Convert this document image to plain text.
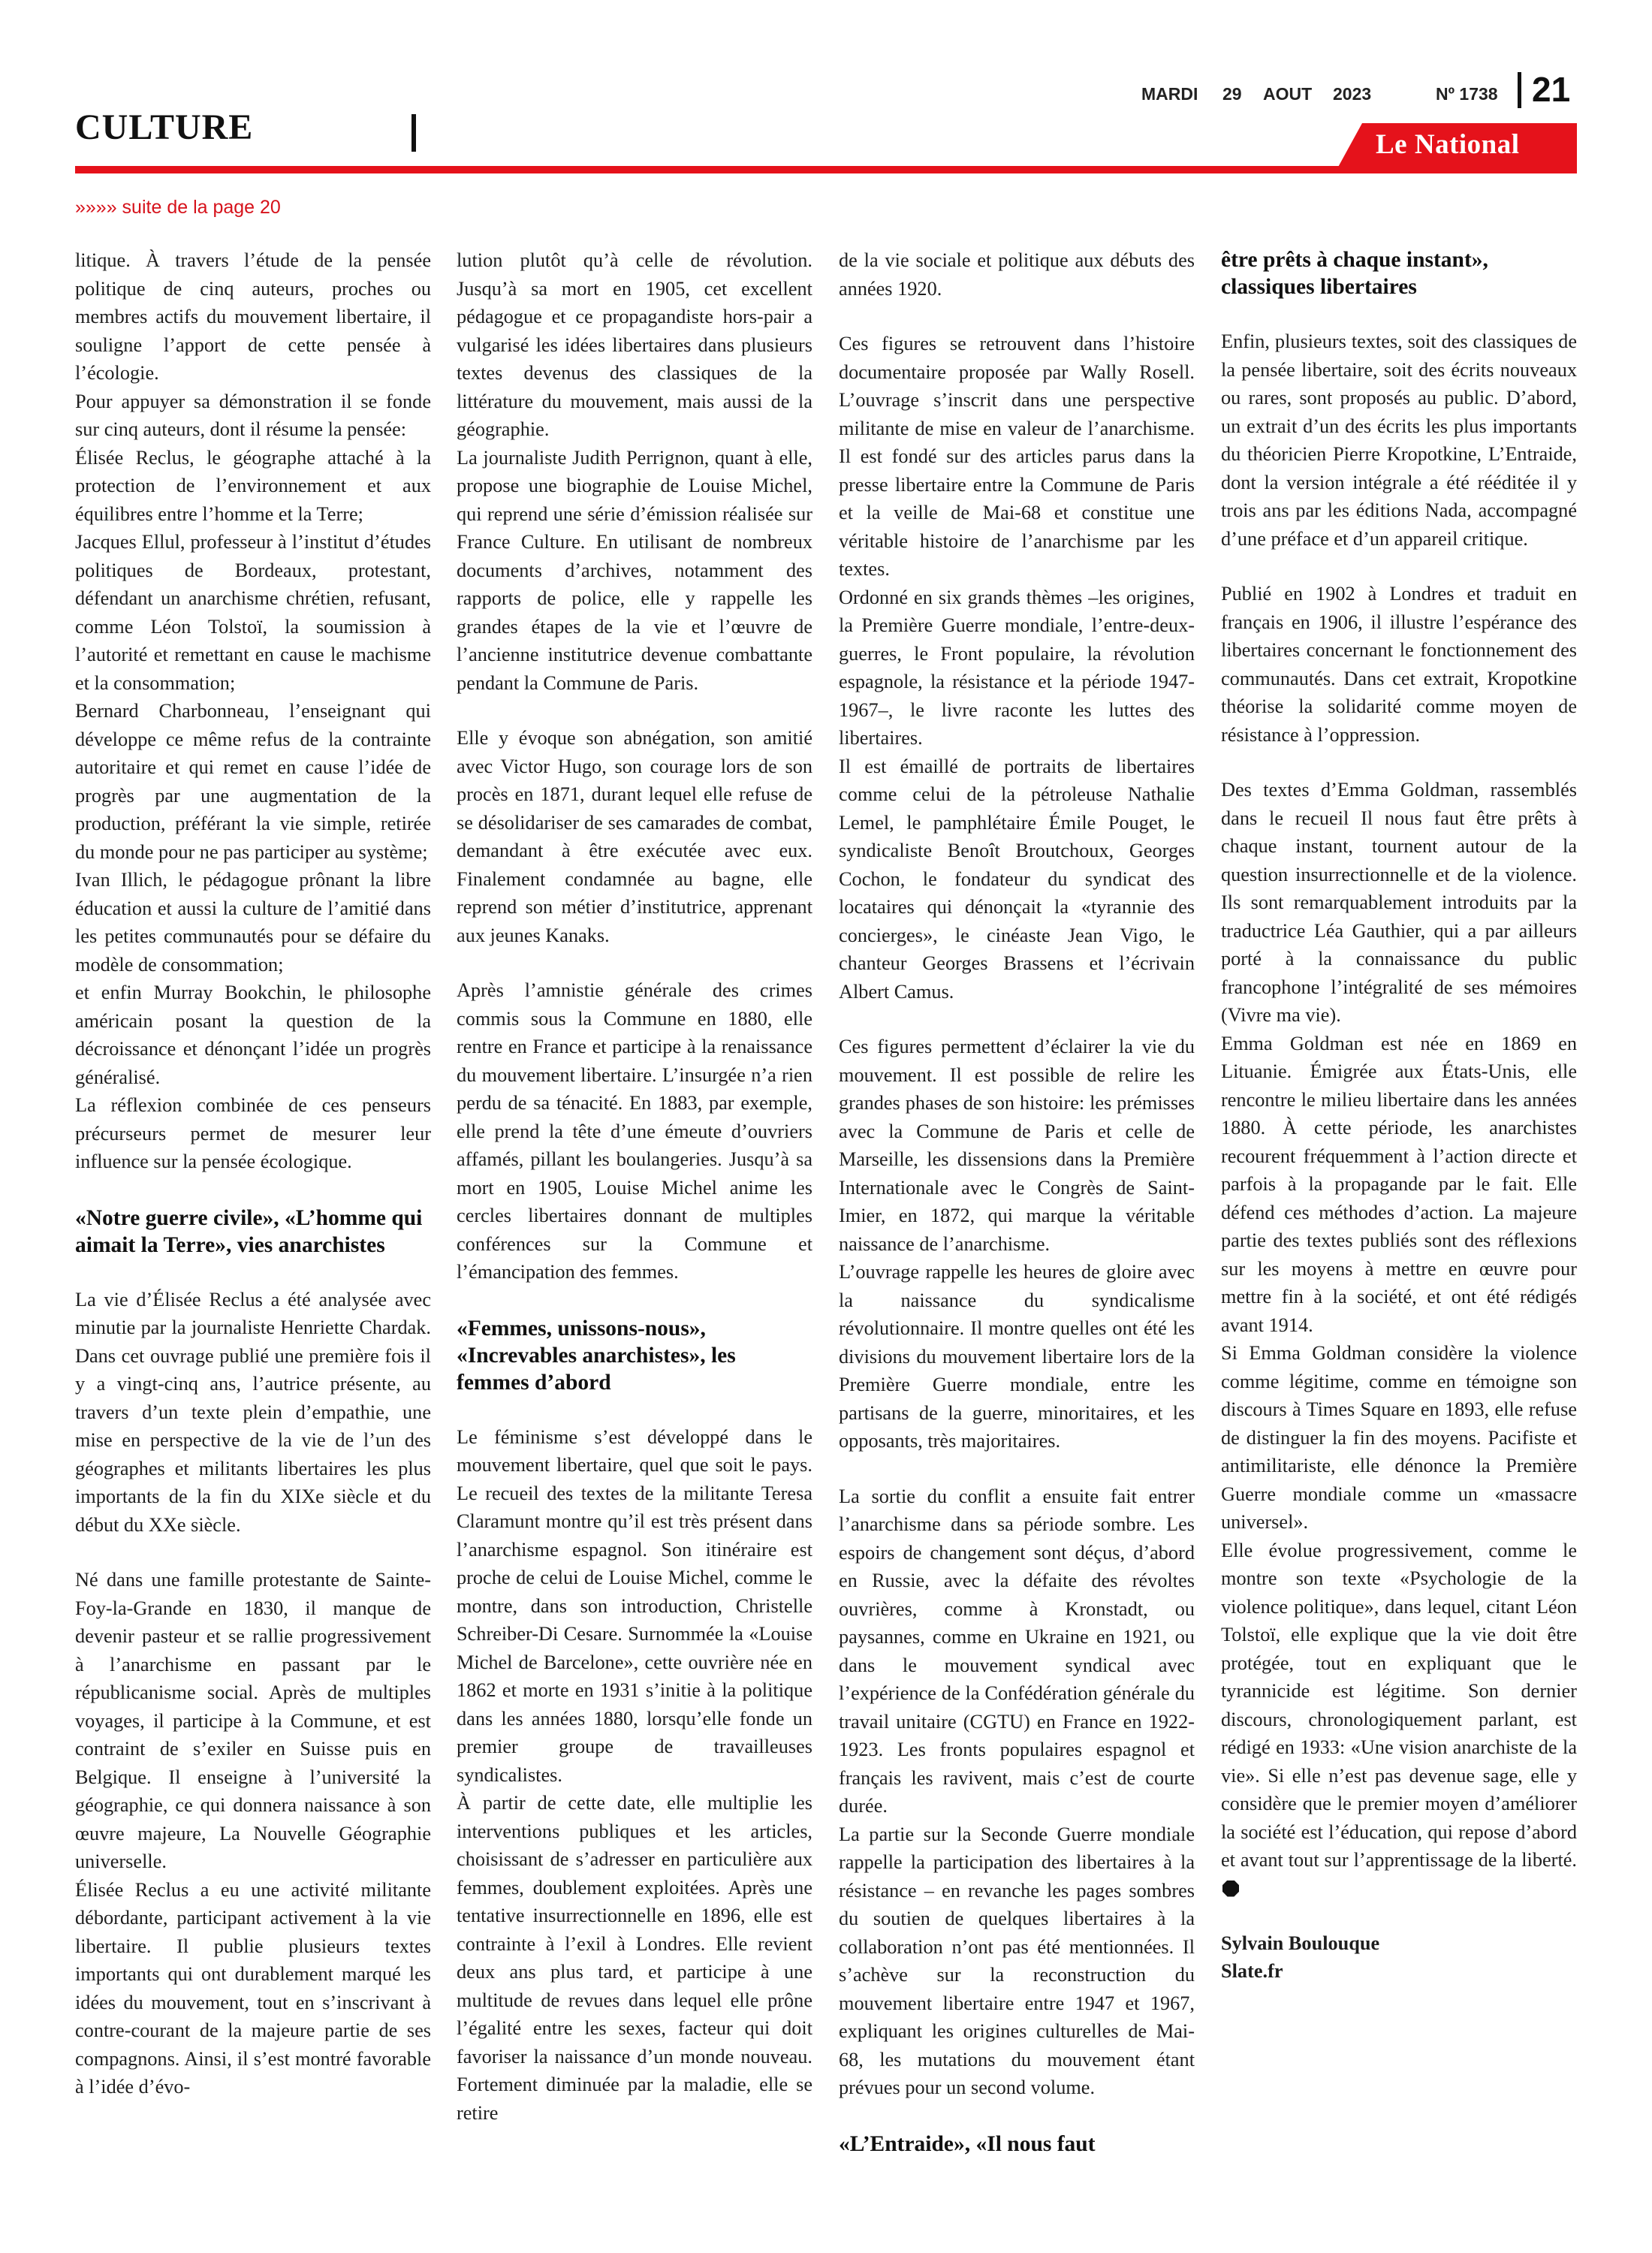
CULTURE
MARDI 29 AOUT 2023	Nº 1738 21
Le National
»»»» suite de la page 20

litique. À travers l’étude de la pensée politique de cinq auteurs, proches ou membres actifs du mouvement libertaire, il souligne l’apport de cette pensée à l’écologie.

Pour appuyer sa démonstration il se fonde sur cinq auteurs, dont il résume la pensée:

Élisée Reclus, le géographe attaché à la protection de l’environnement et aux équilibres entre l’homme et la Terre;

Jacques Ellul, professeur à l’institut d’études politiques de Bordeaux, protestant, défendant un anarchisme chrétien, refusant, comme Léon Tolstoï, la soumission à l’autorité et remettant en cause le machisme et la consommation;

Bernard Charbonneau, l’enseignant qui développe ce même refus de la contrainte autoritaire et qui remet en cause l’idée de progrès par une augmentation de la production, préférant la vie simple, retirée du monde pour ne pas participer au système;

Ivan Illich, le pédagogue prônant la libre éducation et aussi la culture de l’amitié dans les petites communautés pour se défaire du modèle de consommation;

et enfin Murray Bookchin, le philosophe américain posant la question de la décroissance et dénonçant l’idée un progrès généralisé.

La réflexion combinée de ces penseurs précurseurs permet de mesurer leur influence sur la pensée écologique.

«Notre guerre civile», «L’homme qui aimait la Terre», vies anarchistes

La vie d’Élisée Reclus a été analysée avec minutie par la journaliste Henriette Chardak. Dans cet ouvrage publié une première fois il y a vingt-cinq ans, l’autrice présente, au travers d’un texte plein d’empathie, une mise en perspective de la vie de l’un des géographes et militants libertaires les plus importants de la fin du XIXe siècle et du début du XXe siècle.

Né dans une famille protestante de Sainte-Foy-la-Grande en 1830, il manque de devenir pasteur et se rallie progressivement à l’anarchisme en passant par le républicanisme social. Après de multiples voyages, il participe à la Commune, et est contraint de s’exiler en Suisse puis en Belgique. Il enseigne à l’université la géographie, ce qui donnera naissance à son œuvre majeure, La Nouvelle Géographie universelle.

Élisée Reclus a eu une activité militante débordante, participant activement à la vie libertaire. Il publie plusieurs textes importants qui ont durablement marqué les idées du mouvement, tout en s’inscrivant à contre-courant de la majeure partie de ses compagnons. Ainsi, il s’est montré favorable à l’idée d’évo-

lution plutôt qu’à celle de révolution. Jusqu’à sa mort en 1905, cet excellent pédagogue et ce propagandiste hors-pair a vulgarisé les idées libertaires dans plusieurs textes devenus des classiques de la littérature du mouvement, mais aussi de la géographie.

La journaliste Judith Perrignon, quant à elle, propose une biographie de Louise Michel, qui reprend une série d’émission réalisée sur France Culture. En utilisant de nombreux documents d’archives, notamment des rapports de police, elle y rappelle les grandes étapes de la vie et l’œuvre de l’ancienne institutrice devenue combattante pendant la Commune de Paris.

Elle y évoque son abnégation, son amitié avec Victor Hugo, son courage lors de son procès en 1871, durant lequel elle refuse de se désolidariser de ses camarades de combat, demandant à être exécutée avec eux. Finalement condamnée au bagne, elle reprend son métier d’institutrice, apprenant aux jeunes Kanaks.

Après l’amnistie générale des crimes commis sous la Commune en 1880, elle rentre en France et participe à la renaissance du mouvement libertaire. L’insurgée n’a rien perdu de sa ténacité. En 1883, par exemple, elle prend la tête d’une émeute d’ouvriers affamés, pillant les boulangeries. Jusqu’à sa mort en 1905, Louise Michel anime les cercles libertaires donnant de multiples conférences sur la Commune et l’émancipation des femmes.

«Femmes, unissons-nous», «Increvables anarchistes», les femmes d’abord

Le féminisme s’est développé dans le mouvement libertaire, quel que soit le pays. Le recueil des textes de la militante Teresa Claramunt montre qu’il est très présent dans l’anarchisme espagnol. Son itinéraire est proche de celui de Louise Michel, comme le montre, dans son introduction, Christelle Schreiber-Di Cesare. Surnommée la «Louise Michel de Barcelone», cette ouvrière née en 1862 et morte en 1931 s’initie à la politique dans les années 1880, lorsqu’elle fonde un premier groupe de travailleuses syndicalistes.

À partir de cette date, elle multiplie les interventions publiques et les articles, choisissant de s’adresser en particulière aux femmes, doublement exploitées. Après une tentative insurrectionnelle en 1896, elle est contrainte à l’exil à Londres. Elle revient deux ans plus tard, et participe à une multitude de revues dans lequel elle prône l’égalité entre les sexes, facteur qui doit favoriser la naissance d’un monde nouveau. Fortement diminuée par la maladie, elle se retire

de la vie sociale et politique aux débuts des années 1920.

Ces figures se retrouvent dans l’histoire documentaire proposée par Wally Rosell. L’ouvrage s’inscrit dans une perspective militante de mise en valeur de l’anarchisme. Il est fondé sur des articles parus dans la presse libertaire entre la Commune de Paris et la veille de Mai-68 et constitue une véritable histoire de l’anarchisme par les textes.

Ordonné en six grands thèmes –les origines, la Première Guerre mondiale, l’entre-deux-guerres, le Front populaire, la révolution espagnole, la résistance et la période 1947-1967–, le livre raconte les luttes des libertaires.

Il est émaillé de portraits de libertaires comme celui de la pétroleuse Nathalie Lemel, le pamphlétaire Émile Pouget, le syndicaliste Benoît Broutchoux, Georges Cochon, le fondateur du syndicat des locataires qui dénonçait la «tyrannie des concierges», le cinéaste Jean Vigo, le chanteur Georges Brassens et l’écrivain Albert Camus.

Ces figures permettent d’éclairer la vie du mouvement. Il est possible de relire les grandes phases de son histoire: les prémisses avec la Commune de Paris et celle de Marseille, les dissensions dans la Première Internationale avec le Congrès de Saint-Imier, en 1872, qui marque la véritable naissance de l’anarchisme.

L’ouvrage rappelle les heures de gloire avec la naissance du syndicalisme révolutionnaire. Il montre quelles ont été les divisions du mouvement libertaire lors de la Première Guerre mondiale, entre les partisans de la guerre, minoritaires, et les opposants, très majoritaires.

La sortie du conflit a ensuite fait entrer l’anarchisme dans sa période sombre. Les espoirs de changement sont déçus, d’abord en Russie, avec la défaite des révoltes ouvrières, comme à Kronstadt, ou paysannes, comme en Ukraine en 1921, ou dans le mouvement syndical avec l’expérience de la Confédération générale du travail unitaire (CGTU) en France en 1922-1923. Les fronts populaires espagnol et français les ravivent, mais c’est de courte durée.

La partie sur la Seconde Guerre mondiale rappelle la participation des libertaires à la résistance – en revanche les pages sombres du soutien de quelques libertaires à la collaboration n’ont pas été mentionnées. Il s’achève sur la reconstruction du mouvement libertaire entre 1947 et 1967, expliquant les origines culturelles de Mai-68, les mutations du mouvement étant prévues pour un second volume.

«L’Entraide», «Il nous faut
être prêts à chaque instant», classiques libertaires

Enfin, plusieurs textes, soit des classiques de la pensée libertaire, soit des écrits nouveaux ou rares, sont proposés au public. D’abord, un extrait d’un des écrits les plus importants du théoricien Pierre Kropotkine, L’Entraide, dont la version intégrale a été rééditée il y trois ans par les éditions Nada, accompagné d’une préface et d’un appareil critique.

Publié en 1902 à Londres et traduit en français en 1906, il illustre l’espérance des libertaires concernant le fonctionnement des communautés. Dans cet extrait, Kropotkine théorise la solidarité comme moyen de résistance à l’oppression.

Des textes d’Emma Goldman, rassemblés dans le recueil Il nous faut être prêts à chaque instant, tournent autour de la question insurrectionnelle et de la violence. Ils sont remarquablement introduits par la traductrice Léa Gauthier, qui a par ailleurs porté à la connaissance du public francophone l’intégralité de ses mémoires (Vivre ma vie).

Emma Goldman est née en 1869 en Lituanie. Émigrée aux États-Unis, elle rencontre le milieu libertaire dans les années 1880. À cette période, les anarchistes recourent fréquemment à l’action directe et parfois à la propagande par le fait. Elle défend ces méthodes d’action. La majeure partie des textes publiés sont des réflexions sur les moyens à mettre en œuvre pour mettre fin à la société, et ont été rédigés avant 1914.

Si Emma Goldman considère la violence comme légitime, comme en témoigne son discours à Times Square en 1893, elle refuse de distinguer la fin des moyens. Pacifiste et antimilitariste, elle dénonce la Première Guerre mondiale comme un «massacre universel».

Elle évolue progressivement, comme le montre son texte «Psychologie de la violence politique», dans lequel, citant Léon Tolstoï, elle explique que la vie doit être protégée, tout en expliquant que le tyrannicide est légitime. Son dernier discours, chronologiquement parlant, est rédigé en 1933: «Une vision anarchiste de la vie». Si elle n’est pas devenue sage, elle y considère que le premier moyen d’améliorer la société est l’éducation, qui repose d’abord et avant tout sur l’apprentissage de la liberté.

Sylvain Boulouque

Slate.fr
